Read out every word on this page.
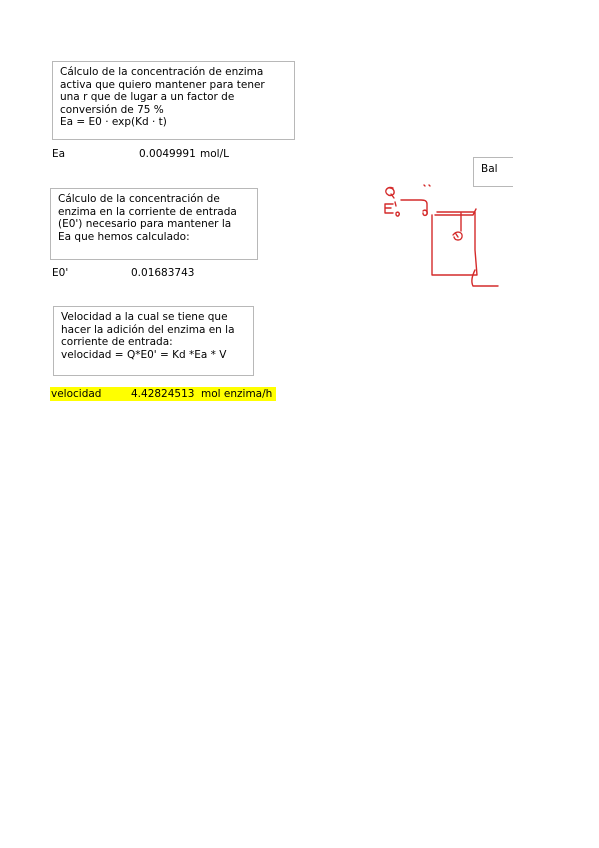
Cálculo de la concentración de enzima
activa que quiero mantener para tener
una r que de lugar a un factor de
conversión de 75 %
Ea = E0 · exp(Kd · t)
Ea	0.0049991 mol/L
Bal
Cálculo de la concentración de
enzima en la corriente de entrada
(E0') necesario para mantener la
Ea que hemos calculado:
E0'	0.01683743
Velocidad a la cual se tiene que
hacer la adición del enzima en la
corriente de entrada:
velocidad = Q*E0' = Kd *Ea * V
velocidad	4.42824513 mol enzima/h
